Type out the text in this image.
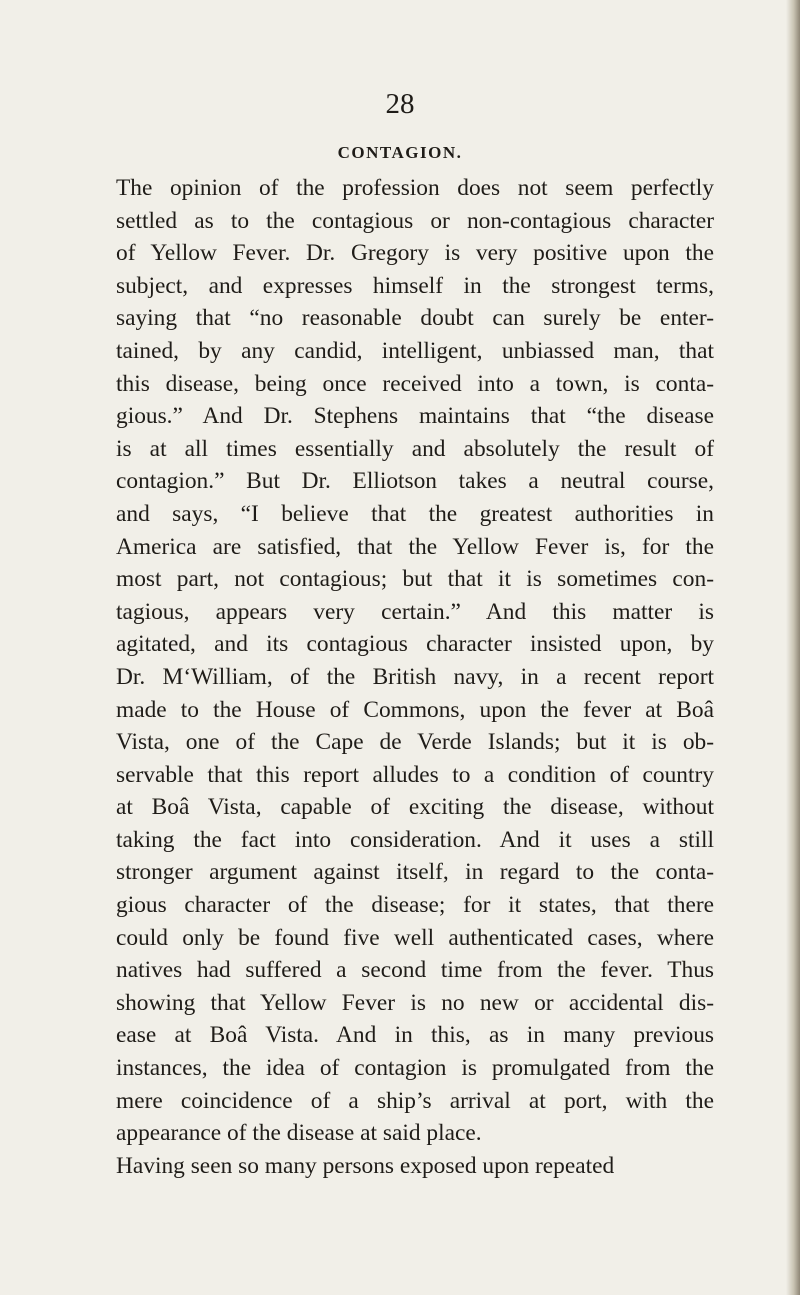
28
CONTAGION.
The opinion of the profession does not seem perfectly
settled as to the contagious or non-contagious character
of Yellow Fever. Dr. Gregory is very positive upon the
subject, and expresses himself in the strongest terms,
saying that “no reasonable doubt can surely be enter-
tained, by any candid, intelligent, unbiassed man, that
this disease, being once received into a town, is conta-
gious.” And Dr. Stephens maintains that “the disease
is at all times essentially and absolutely the result of
contagion.” But Dr. Elliotson takes a neutral course,
and says, “I believe that the greatest authorities in
America are satisfied, that the Yellow Fever is, for the
most part, not contagious; but that it is sometimes con-
tagious, appears very certain.” And this matter is
agitated, and its contagious character insisted upon, by
Dr. M‘William, of the British navy, in a recent report
made to the House of Commons, upon the fever at Boâ
Vista, one of the Cape de Verde Islands; but it is ob-
servable that this report alludes to a condition of country
at Boâ Vista, capable of exciting the disease, without
taking the fact into consideration. And it uses a still
stronger argument against itself, in regard to the conta-
gious character of the disease; for it states, that there
could only be found five well authenticated cases, where
natives had suffered a second time from the fever. Thus
showing that Yellow Fever is no new or accidental dis-
ease at Boâ Vista. And in this, as in many previous
instances, the idea of contagion is promulgated from the
mere coincidence of a ship’s arrival at port, with the
appearance of the disease at said place.
Having seen so many persons exposed upon repeated
